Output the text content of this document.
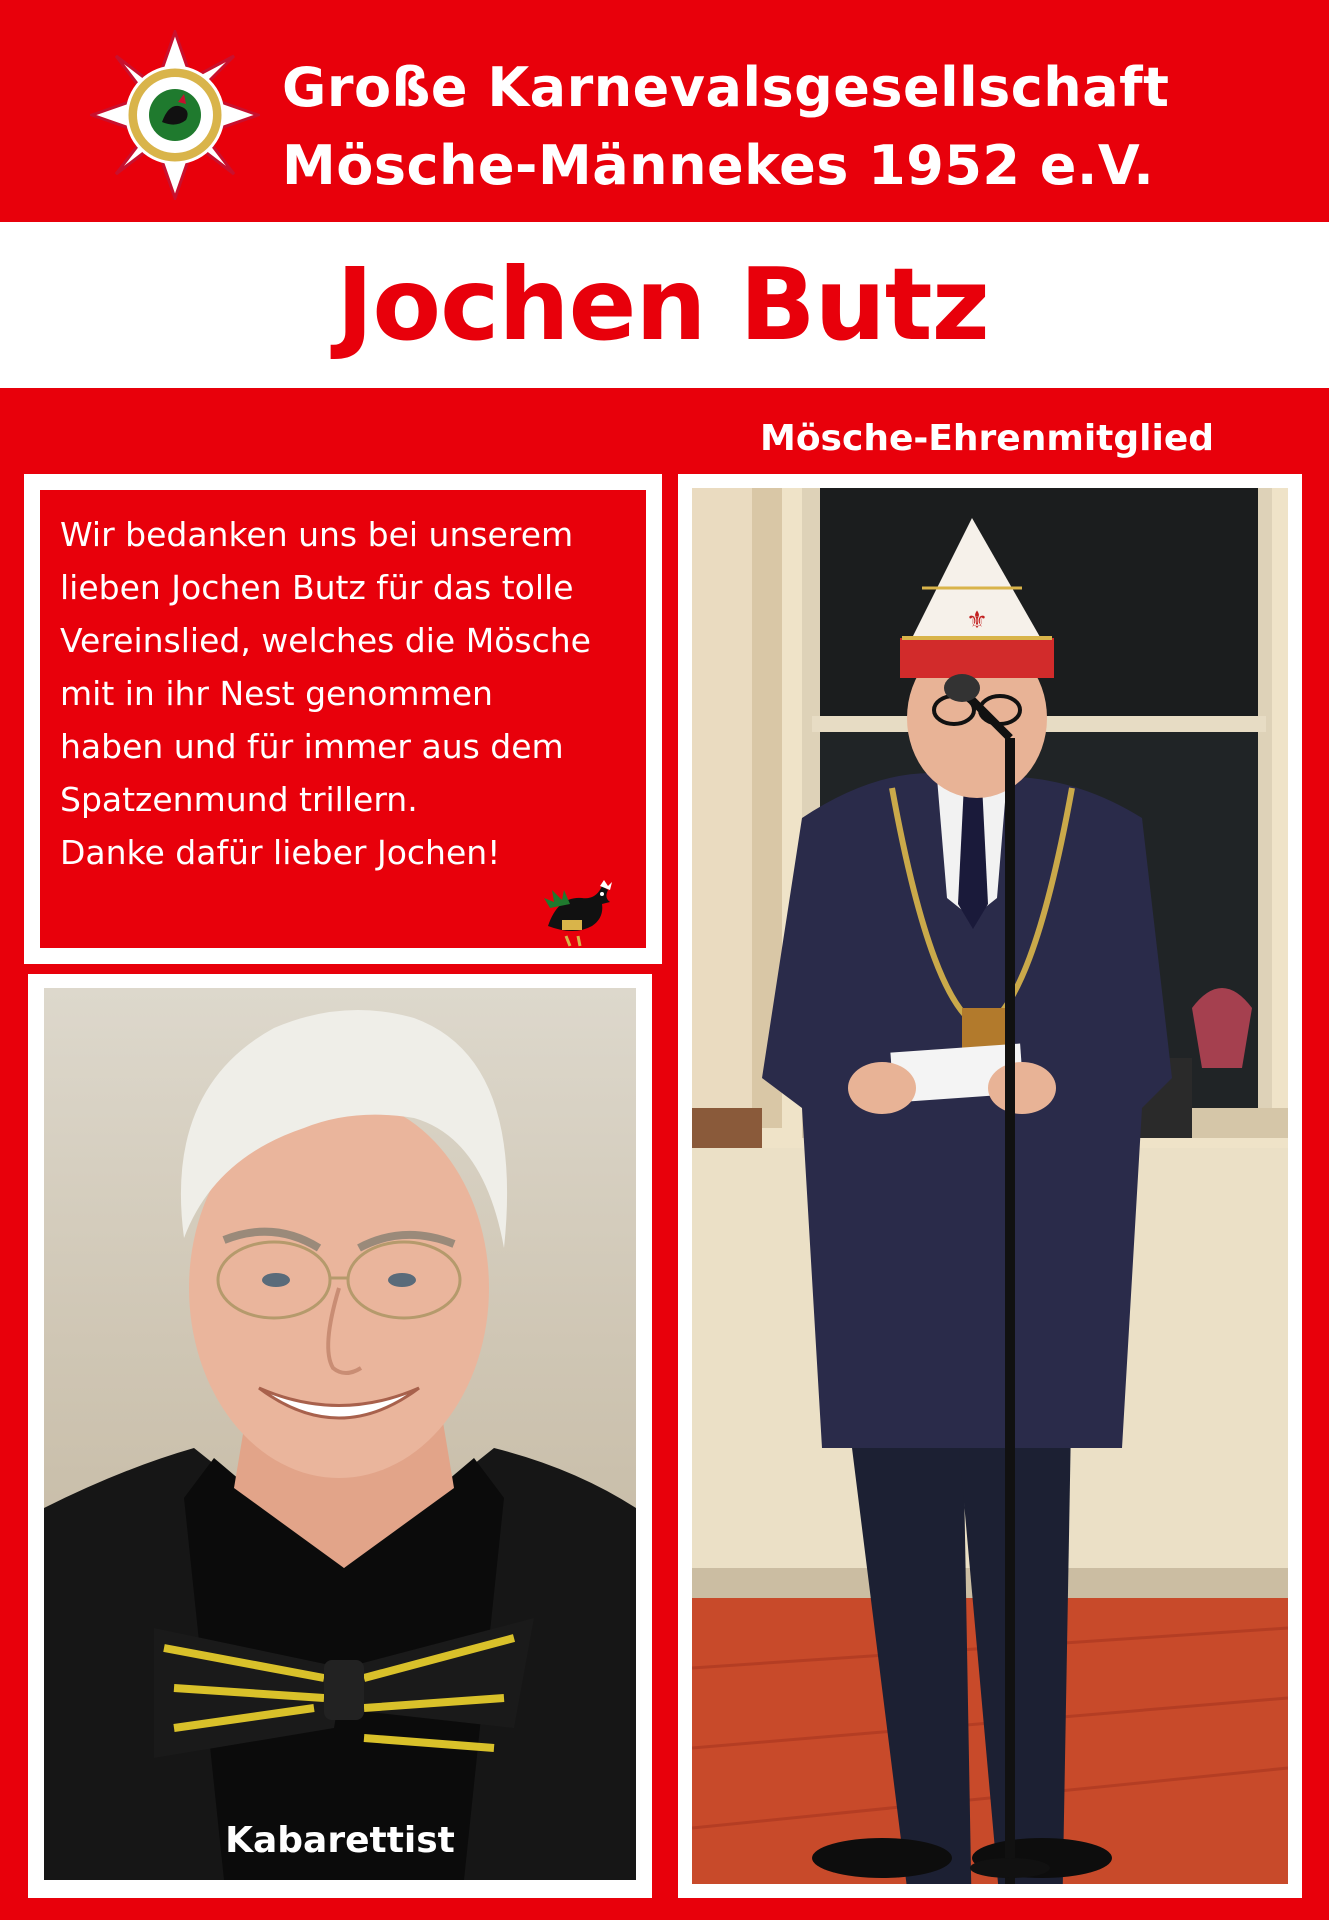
Große Karnevalsgesellschaft
Mösche-Männekes 1952 e.V.
Jochen Butz
Mösche-Ehrenmitglied
Wir bedanken uns bei unserem
lieben Jochen Butz für das tolle
Vereinslied, welches die Mösche
mit in ihr Nest genommen
haben und für immer aus dem
Spatzenmund trillern.
Danke dafür lieber Jochen!
Kabarettist
⚜
